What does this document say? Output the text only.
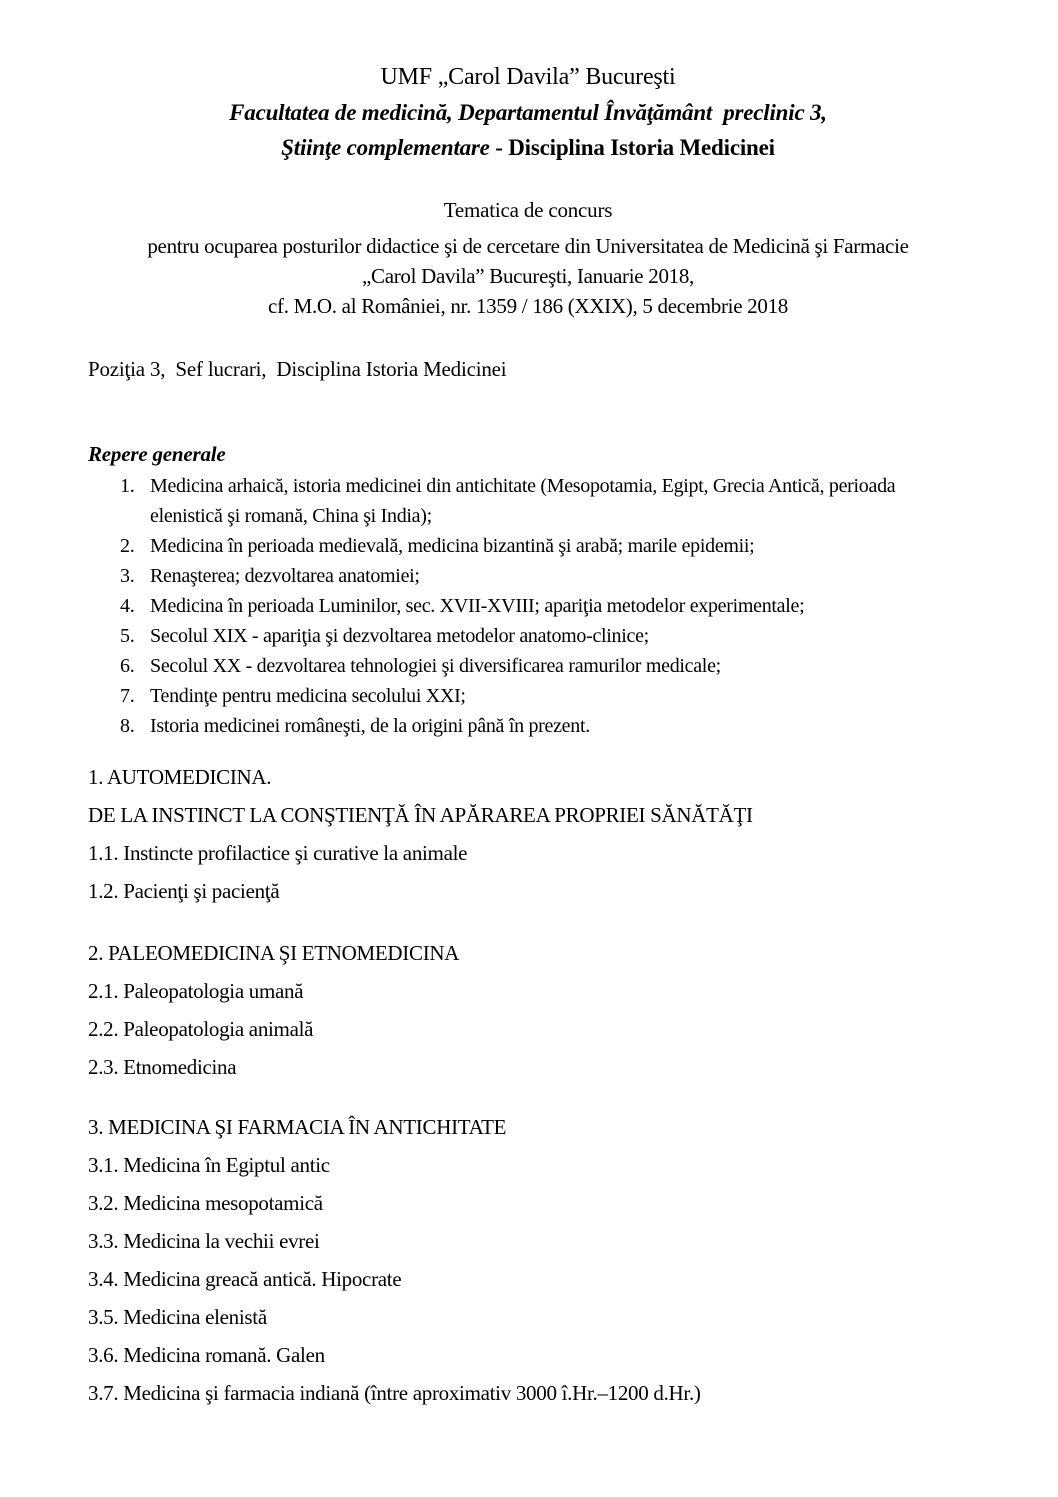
UMF „Carol Davila” Bucureşti
Facultatea de medicină, Departamentul Învăţământ  preclinic 3,
Ştiinţe complementare - Disciplina Istoria Medicinei
Tematica de concurs
pentru ocuparea posturilor didactice şi de cercetare din Universitatea de Medicină şi Farmacie
„Carol Davila” Bucureşti, Ianuarie 2018,
cf. M.O. al României, nr. 1359 / 186 (XXIX), 5 decembrie 2018
Poziţia 3,  Sef lucrari,  Disciplina Istoria Medicinei
Repere generale
1. Medicina arhaică, istoria medicinei din antichitate (Mesopotamia, Egipt, Grecia Antică, perioada elenistică şi romană, China şi India);
2. Medicina în perioada medievală, medicina bizantină şi arabă; marile epidemii;
3. Renaşterea; dezvoltarea anatomiei;
4. Medicina în perioada Luminilor, sec. XVII-XVIII; apariţia metodelor experimentale;
5. Secolul XIX - apariţia şi dezvoltarea metodelor anatomo-clinice;
6. Secolul XX - dezvoltarea tehnologiei şi diversificarea ramurilor medicale;
7. Tendinţe pentru medicina secolului XXI;
8. Istoria medicinei româneşti, de la origini până în prezent.
1. AUTOMEDICINA.
DE LA INSTINCT LA CONŞTIENŢĂ ÎN APĂRAREA PROPRIEI SĂNĂTĂŢI
1.1. Instincte profilactice şi curative la animale
1.2. Pacienţi şi pacienţă
2. PALEOMEDICINA ŞI ETNOMEDICINA
2.1. Paleopatologia umană
2.2. Paleopatologia animală
2.3. Etnomedicina
3. MEDICINA ŞI FARMACIA ÎN ANTICHITATE
3.1. Medicina în Egiptul antic
3.2. Medicina mesopotamică
3.3. Medicina la vechii evrei
3.4. Medicina greacă antică. Hipocrate
3.5. Medicina elenistă
3.6. Medicina romană. Galen
3.7. Medicina şi farmacia indiană (între aproximativ 3000 î.Hr.–1200 d.Hr.)
